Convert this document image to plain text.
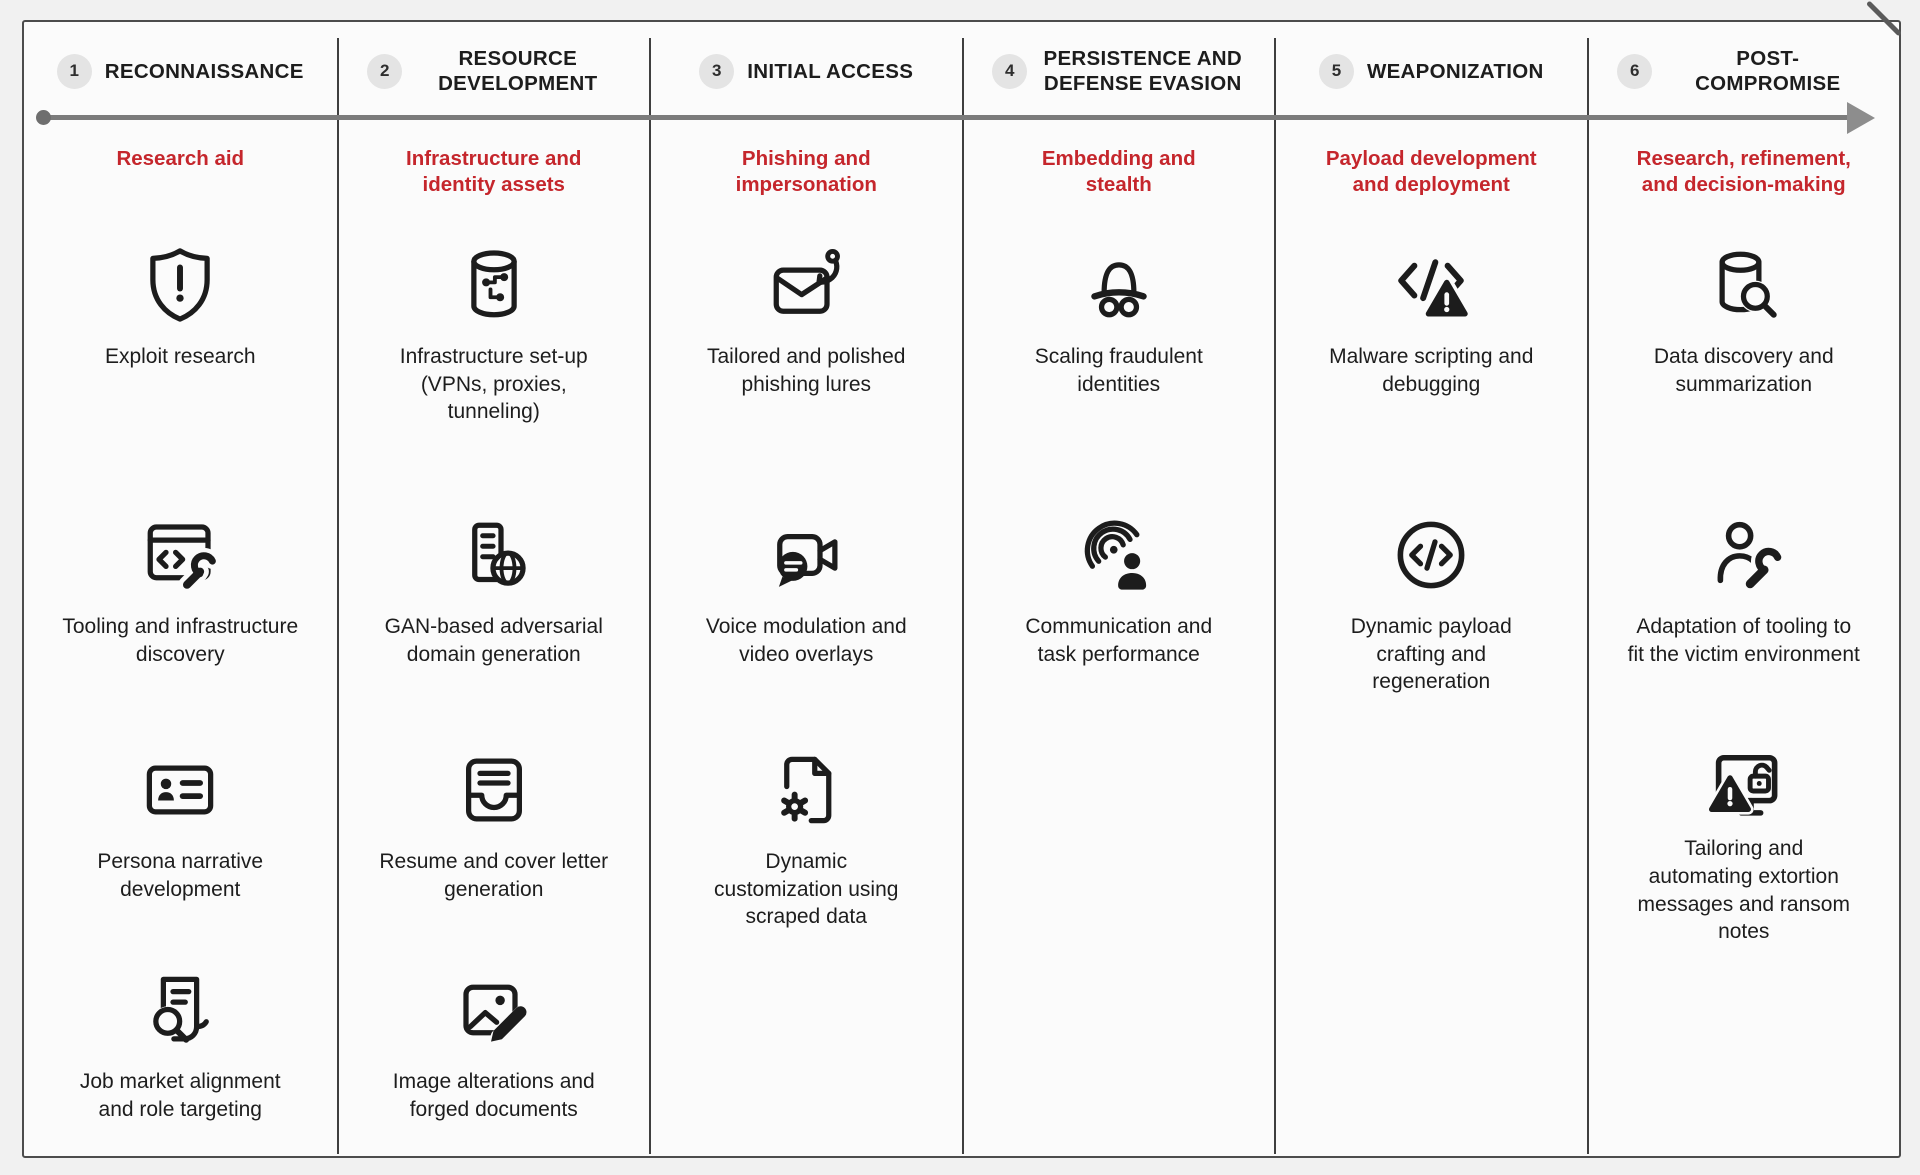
1	RECONNAISSANCE
Research aid
Exploit research
Tooling and infrastructure discovery
Persona narrative development
Job market alignment and role targeting
2
RESOURCE DEVELOPMENT
Infrastructure and identity assets
Infrastructure set-up (VPNs, proxies, tunneling)
GAN-based adversarial domain generation
Resume and cover letter generation
Image alterations and forged documents
3	INITIAL ACCESS
Phishing and impersonation
Tailored and polished phishing lures
Voice modulation and video overlays
Dynamic customization using scraped data
4
PERSISTENCE AND DEFENSE EVASION
Embedding and stealth
Scaling fraudulent identities
Communication and task performance
5	WEAPONIZATION
Payload development and deployment
Malware scripting and debugging
Dynamic payload crafting and regeneration
6
POST-COMPROMISE
Research, refinement, and decision-making
Data discovery and summarization
Adaptation of tooling to fit the victim environment
Tailoring and automating extortion messages and ransom notes
